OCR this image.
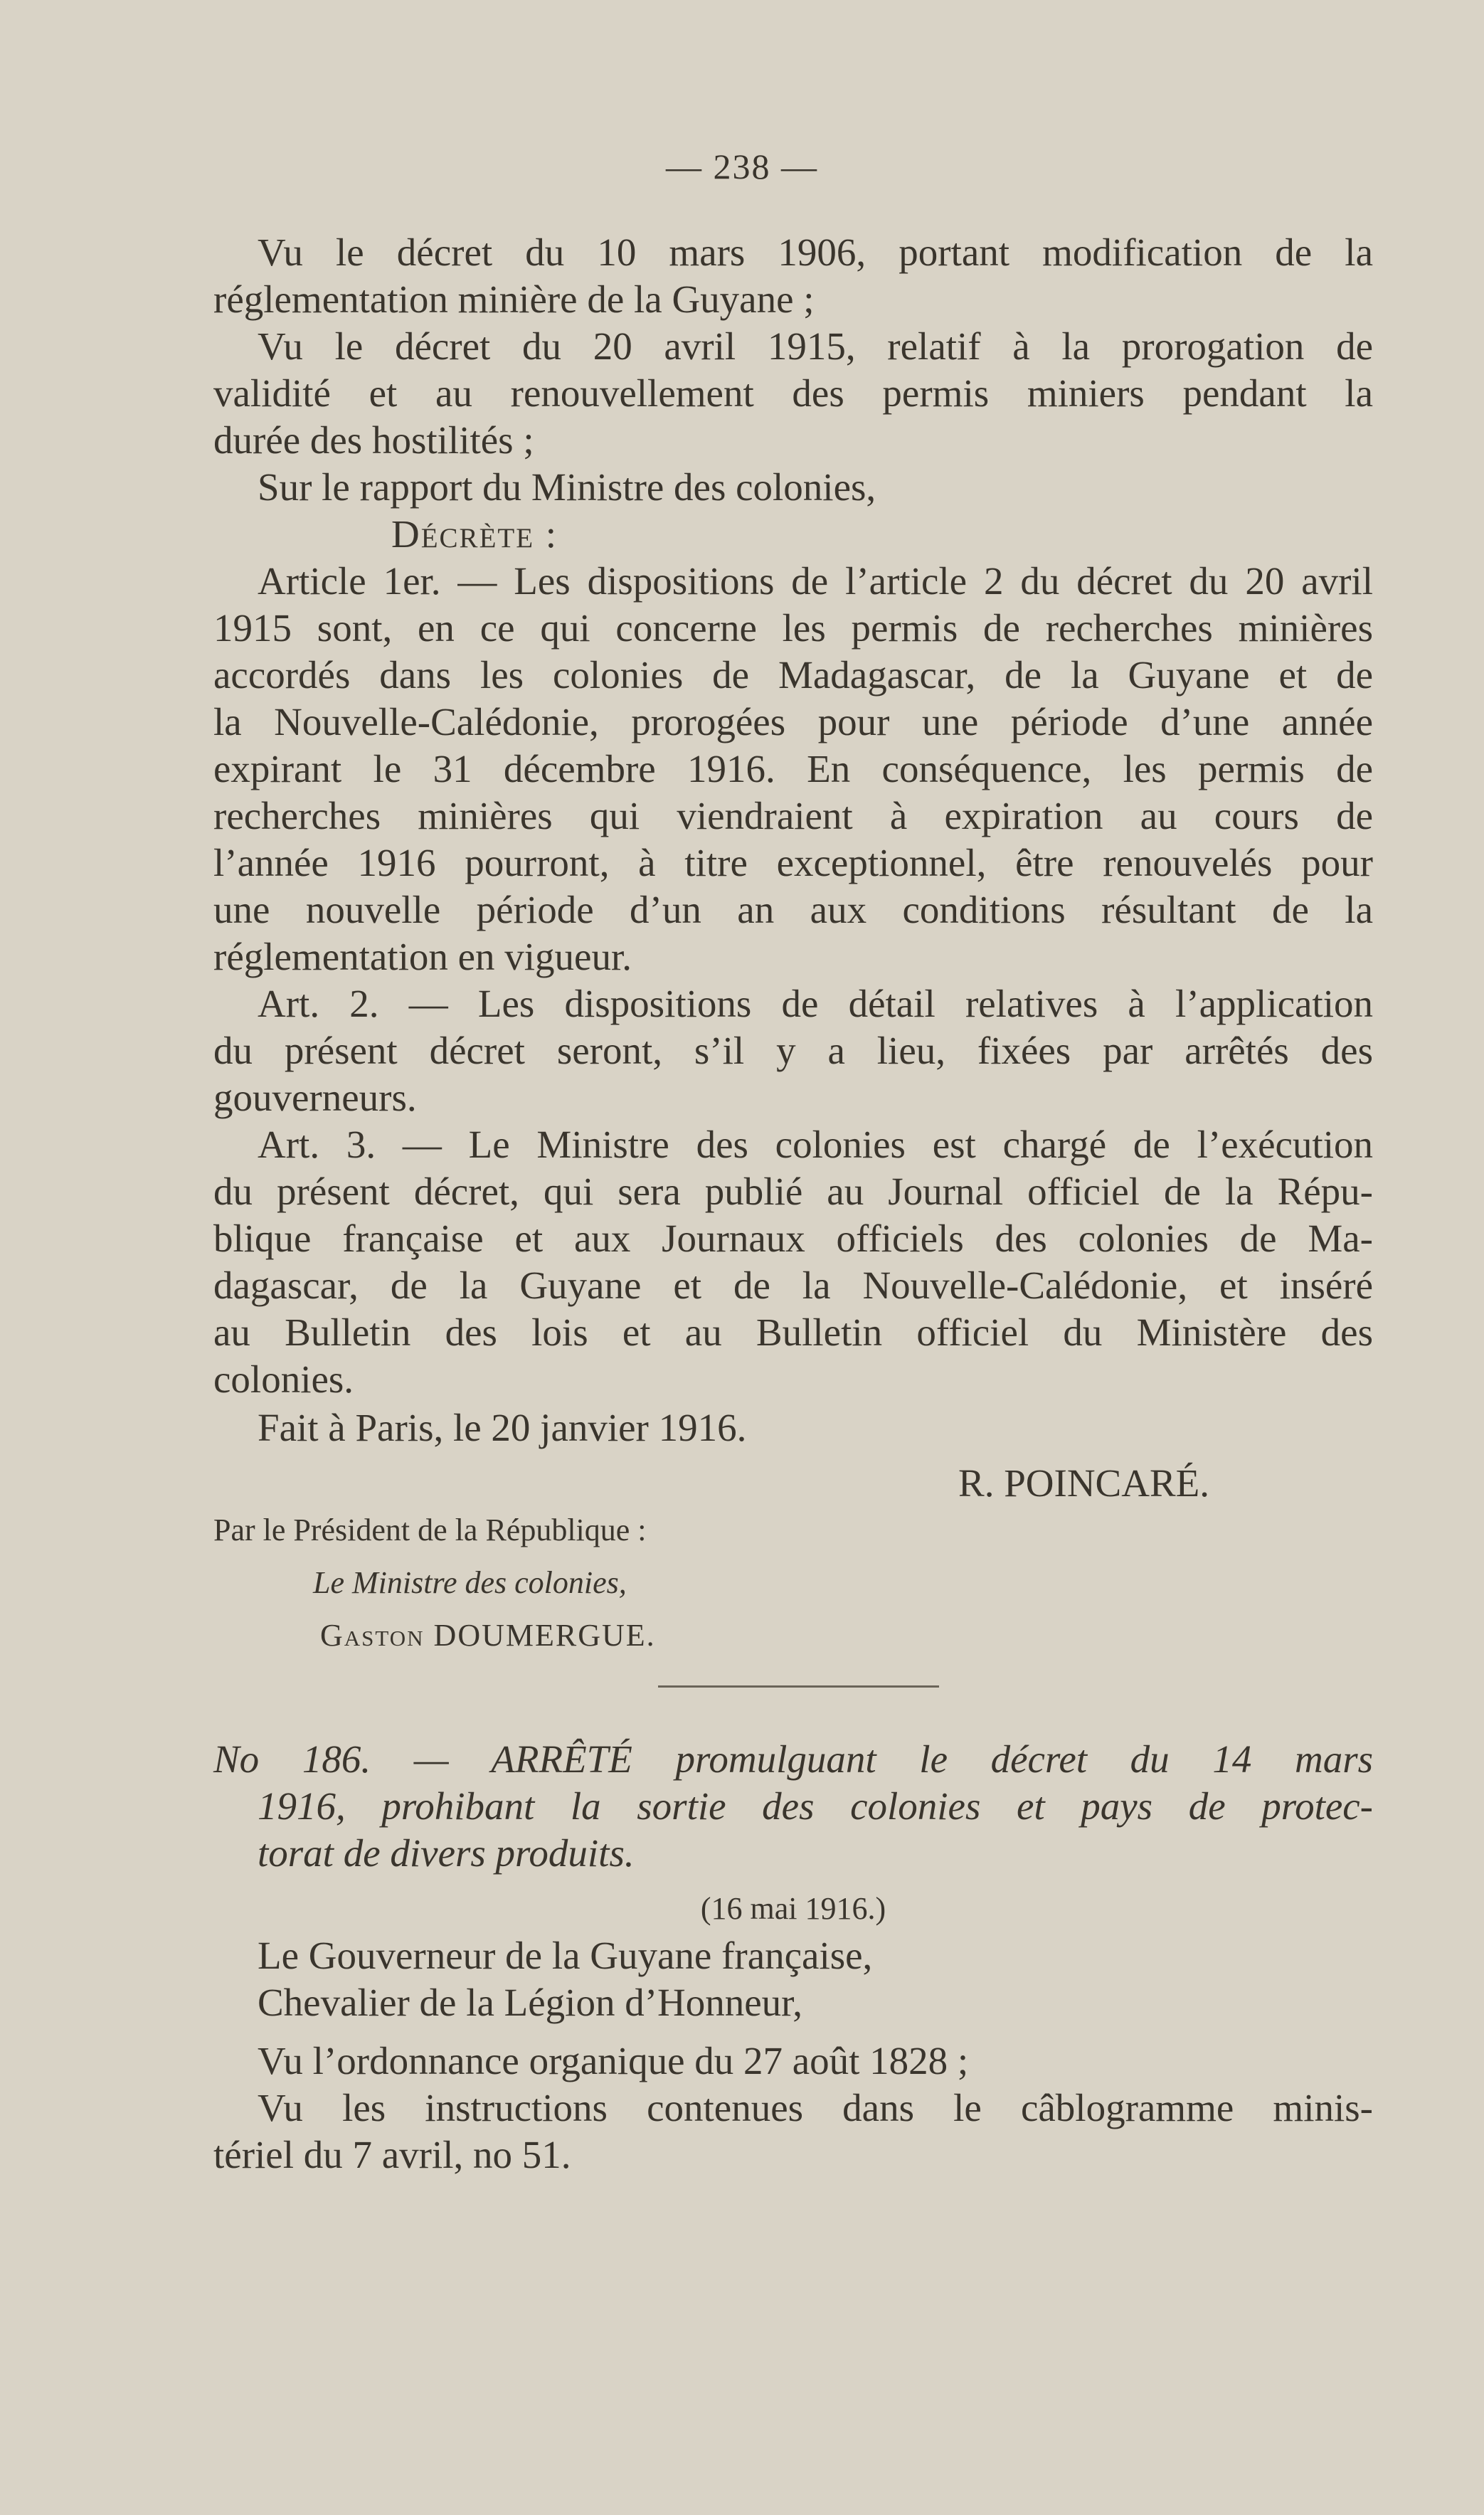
— 238 —
Vu le décret du 10 mars 1906, portant modification de la
réglementation minière de la Guyane ;
Vu le décret du 20 avril 1915, relatif à la prorogation de
validité et au renouvellement des permis miniers pendant la
durée des hostilités ;
Sur le rapport du Ministre des colonies,
Décrète :
Article 1er. — Les dispositions de l’article 2 du décret du 20 avril
1915 sont, en ce qui concerne les permis de recherches minières
accordés dans les colonies de Madagascar, de la Guyane et de
la Nouvelle-Calédonie, prorogées pour une période d’une année
expirant le 31 décembre 1916. En conséquence, les permis de
recherches minières qui viendraient à expiration au cours de
l’année 1916 pourront, à titre exceptionnel, être renouvelés pour
une nouvelle période d’un an aux conditions résultant de la
réglementation en vigueur.
Art. 2. — Les dispositions de détail relatives à l’application
du présent décret seront, s’il y a lieu, fixées par arrêtés des
gouverneurs.
Art. 3. — Le Ministre des colonies est chargé de l’exécution
du présent décret, qui sera publié au Journal officiel de la Répu-
blique française et aux Journaux officiels des colonies de Ma-
dagascar, de la Guyane et de la Nouvelle-Calédonie, et inséré
au Bulletin des lois et au Bulletin officiel du Ministère des
colonies.
Fait à Paris, le 20 janvier 1916.
R. POINCARÉ.
Par le Président de la République :
Le Ministre des colonies,
Gaston DOUMERGUE.
No 186. — ARRÊTÉ promulguant le décret du 14 mars
1916, prohibant la sortie des colonies et pays de protec-
torat de divers produits.
(16 mai 1916.)
Le Gouverneur de la Guyane française,
Chevalier de la Légion d’Honneur,
Vu l’ordonnance organique du 27 août 1828 ;
Vu les instructions contenues dans le câblogramme minis-
tériel du 7 avril, no 51.
